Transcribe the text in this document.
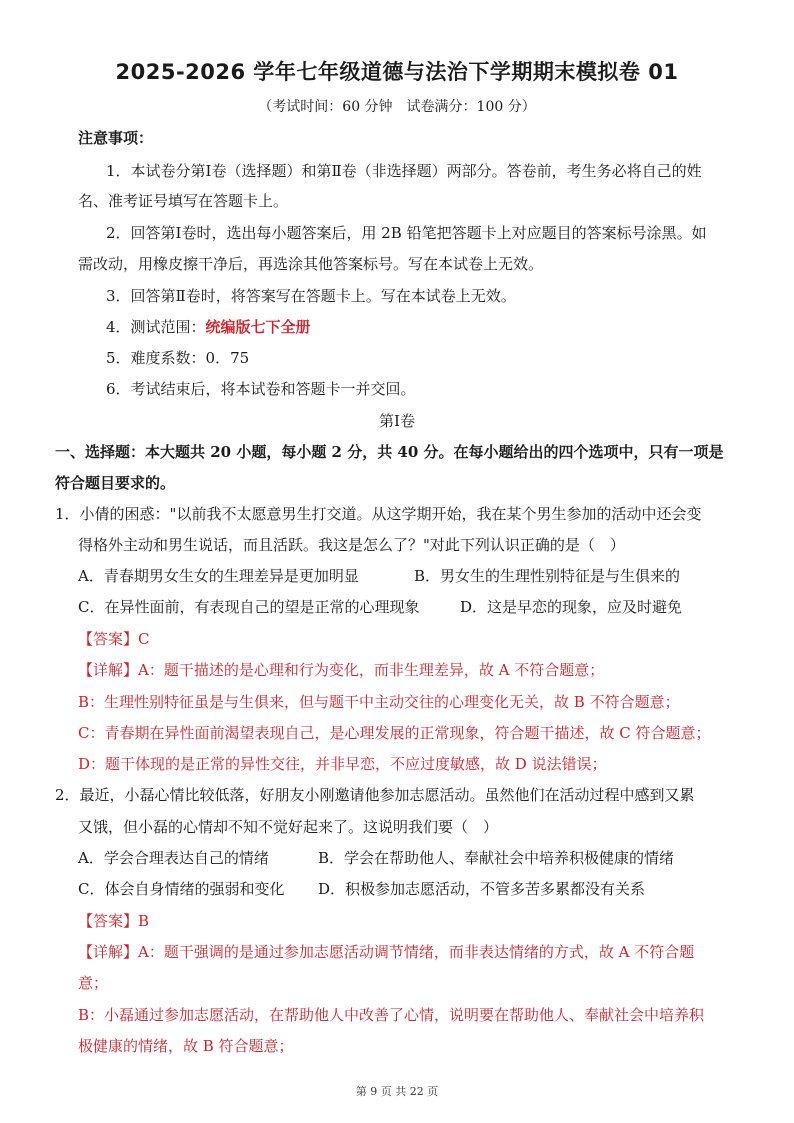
2025-2026 学年七年级道德与法治下学期期末模拟卷 01
（考试时间：60 分钟　试卷满分：100 分）
注意事项：
1．本试卷分第Ⅰ卷（选择题）和第Ⅱ卷（非选择题）两部分。答卷前，考生务必将自己的姓
名、准考证号填写在答题卡上。
2．回答第Ⅰ卷时，选出每小题答案后，用 2B 铅笔把答题卡上对应题目的答案标号涂黑。如
需改动，用橡皮擦干净后，再选涂其他答案标号。写在本试卷上无效。
3．回答第Ⅱ卷时，将答案写在答题卡上。写在本试卷上无效。
4．测试范围：统编版七下全册
5．难度系数：0．75
6．考试结束后，将本试卷和答题卡一并交回。
第Ⅰ卷
一、选择题：本大题共 20 小题，每小题 2 分，共 40 分。在每小题给出的四个选项中，只有一项是
符合题目要求的。
1．小倩的困惑："以前我不太愿意男生打交道。从这学期开始，我在某个男生参加的活动中还会变
得格外主动和男生说话，而且活跃。我这是怎么了？"对此下列认识正确的是（　）
A．青春期男女生女的生理差异是更加明显	B．男女生的生理性别特征是与生俱来的
C．在异性面前，有表现自己的望是正常的心理现象	D．这是早恋的现象，应及时避免
【答案】C
【详解】A：题干描述的是心理和行为变化，而非生理差异，故 A 不符合题意；
B：生理性别特征虽是与生俱来，但与题干中主动交往的心理变化无关，故 B 不符合题意；
C：青春期在异性面前渴望表现自己，是心理发展的正常现象，符合题干描述，故 C 符合题意；
D：题干体现的是正常的异性交往，并非早恋，不应过度敏感，故 D 说法错误；
2．最近，小磊心情比较低落，好朋友小刚邀请他参加志愿活动。虽然他们在活动过程中感到又累
又饿，但小磊的心情却不知不觉好起来了。这说明我们要（　）
A．学会合理表达自己的情绪	B．学会在帮助他人、奉献社会中培养积极健康的情绪
C．体会自身情绪的强弱和变化 D．积极参加志愿活动，不管多苦多累都没有关系
【答案】B
【详解】A：题干强调的是通过参加志愿活动调节情绪，而非表达情绪的方式，故 A 不符合题
意；
B：小磊通过参加志愿活动，在帮助他人中改善了心情，说明要在帮助他人、奉献社会中培养积
极健康的情绪，故 B 符合题意；
第 9 页 共 22 页
